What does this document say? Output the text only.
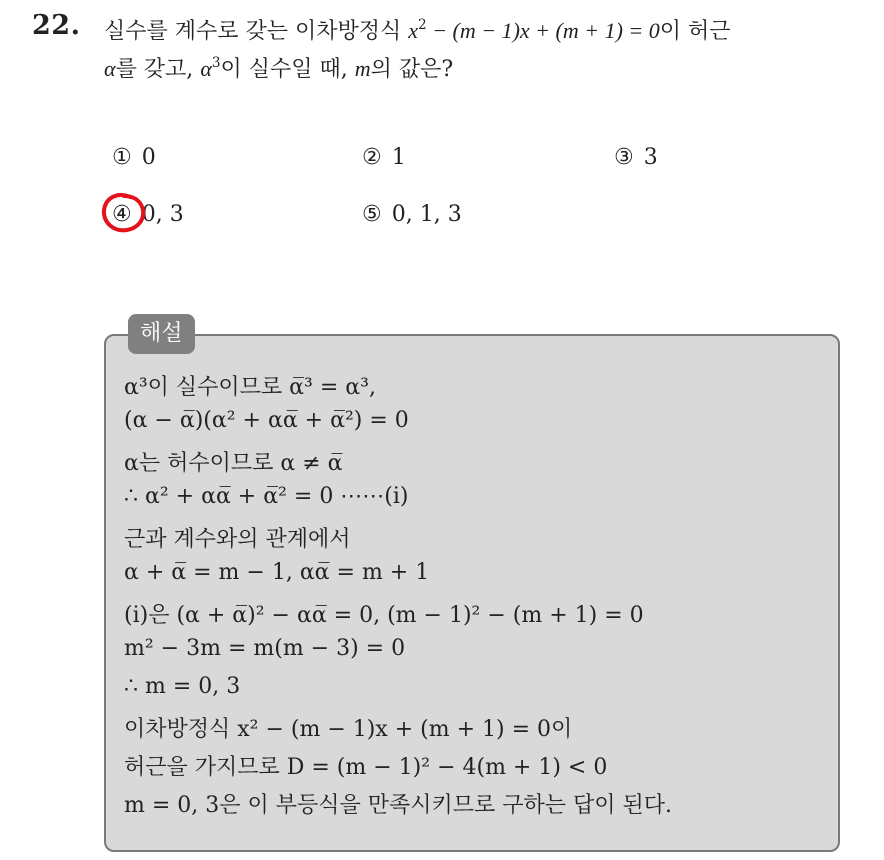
22. 실수를 계수로 갖는 이차방정식 $x^2 - (m - 1)x + (m + 1) = 0$이 허근
α를 갖고, $\alpha^3$이 실수일 때, m의 값은?
① 0	② 1	③ 3
④ 0, 3	⑤ 0, 1, 3
해설
α³이 실수이므로 α̅³ = α³,
(α − α̅)(α² + αα̅ + α̅²) = 0
α는 허수이므로 α ≠ α̅
∴ α² + αα̅ + α̅² = 0 ⋯⋯(ⅰ)
근과 계수와의 관계에서
α + α̅ = m − 1, αα̅ = m + 1
(ⅰ)은 (α + α̅)² − αα̅ = 0, (m − 1)² − (m + 1) = 0
m² − 3m = m(m − 3) = 0
∴ m = 0, 3
이차방정식 x² − (m − 1)x + (m + 1) = 0이
허근을 가지므로 D = (m − 1)² − 4(m + 1) < 0
m = 0, 3은 이 부등식을 만족시키므로 구하는 답이 된다.
